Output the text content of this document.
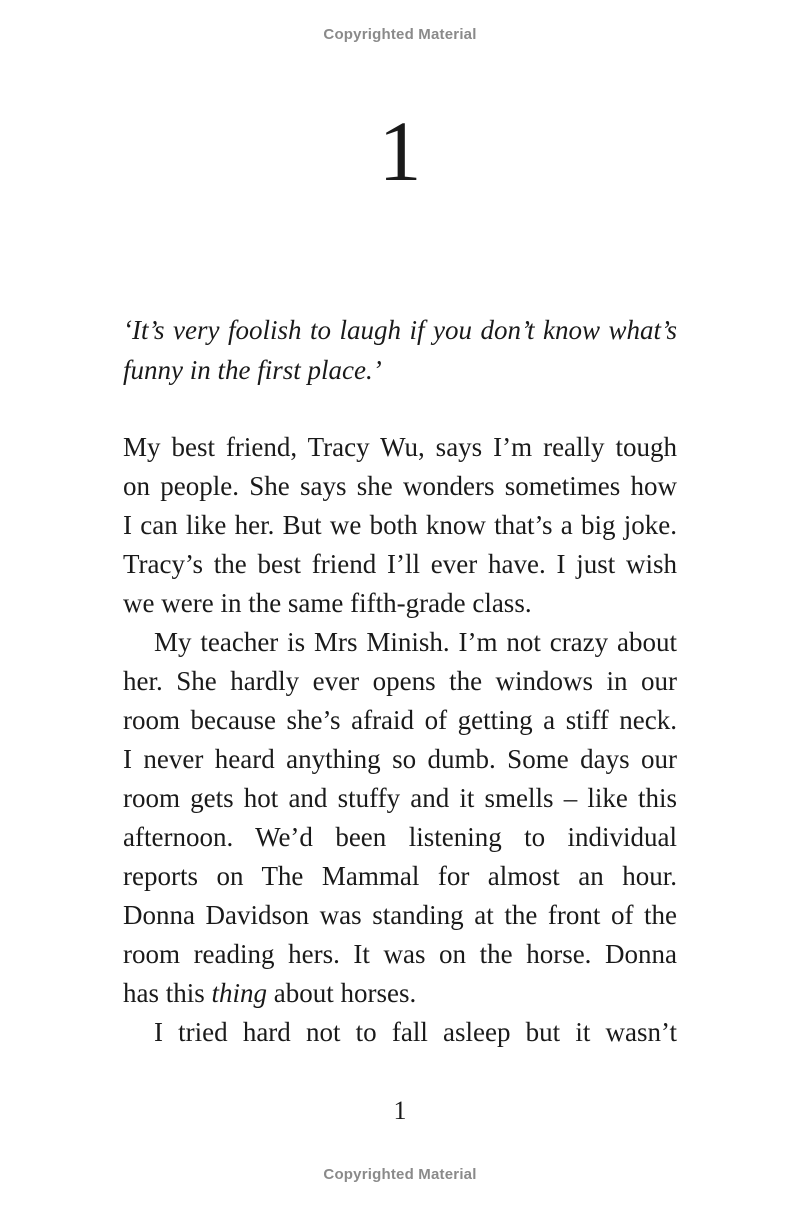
Copyrighted Material
1
‘It’s very foolish to laugh if you don’t know what’s
funny in the first place.’

My best friend, Tracy Wu, says I’m really tough
on people. She says she wonders sometimes how
I can like her. But we both know that’s a big joke.
Tracy’s the best friend I’ll ever have. I just wish
we were in the same fifth-grade class.

My teacher is Mrs Minish. I’m not crazy about
her. She hardly ever opens the windows in our
room because she’s afraid of getting a stiff neck.
I never heard anything so dumb. Some days our
room gets hot and stuffy and it smells – like this
afternoon. We’d been listening to individual
reports on The Mammal for almost an hour.
Donna Davidson was standing at the front of the
room reading hers. It was on the horse. Donna
has this thing about horses.

I tried hard not to fall asleep but it wasn’t

1
Copyrighted Material
